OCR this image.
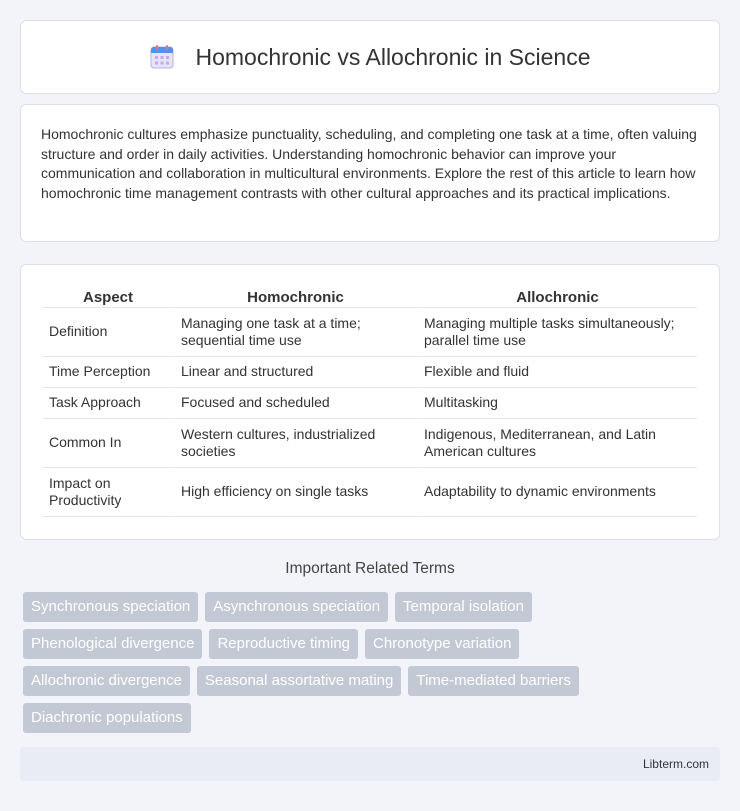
Homochronic vs Allochronic in Science

Homochronic cultures emphasize punctuality, scheduling, and completing one task at a time, often valuing structure and order in daily activities. Understanding homochronic behavior can improve your communication and collaboration in multicultural environments. Explore the rest of this article to learn how homochronic time management contrasts with other cultural approaches and its practical implications.

Aspect	Homochronic	Allochronic
Definition	Managing one task at a time; sequential time use	Managing multiple tasks simultaneously; parallel time use
Time Perception	Linear and structured	Flexible and fluid
Task Approach	Focused and scheduled	Multitasking
Common In	Western cultures, industrialized societies	Indigenous, Mediterranean, and Latin American cultures
Impact on Productivity	High efficiency on single tasks	Adaptability to dynamic environments
Important Related Terms
Synchronous speciation	Asynchronous speciation	Temporal isolation
Phenological divergence	Reproductive timing	Chronotype variation
Allochronic divergence	Seasonal assortative mating	Time-mediated barriers
Diachronic populations
Libterm.com
